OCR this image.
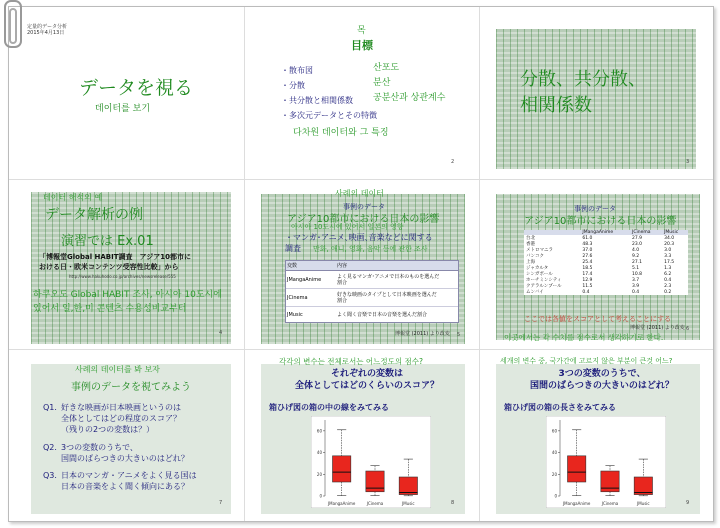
定量的データ分析
2015年4月13日
データを視る
데이터를 보기
목
目標
・散布図
・分散
・共分散と相関係数
・多次元データとその特徴
산포도
분산
공분산과 상관계수
다차원 데이터와 그 특징
2
分散、共分散、
相関係数
3
데이터 해석의 예
データ解析の例
演習では Ex.01
「博報堂Global HABIT調査　アジア10都市に
おける日・欧米コンテンツ受容性比較」から
http://www.hakuhodo.co.jp/archives/newsrelease/555
하쿠오도 Global HABIT 조사, 아시아 10도시에
있어서 일,한,미 콘텐츠 수용성비교부터
4
사례의 데이터
事例のデータ
アジア10都市における日本の影響
아시아 10도시에 있어서 일본의 영향
・マンガ･アニメ､映画､音楽などに関する
調査	만화, 애니, 영화, 음악 등에 관한 조사
変数	内容
JMangaAnime	よく見るマンガ･アニメで日本のものを選んだ
割合
JCinema	好きな映画のタイプとして日本映画を選んだ
割合
JMusic	よく聞く音楽で日本の音楽を選んだ割合
博報堂 (2011) より改変 5
事例のデータ
アジア10都市における日本の影響
	JMangaAnime	JCinema	JMusic
台北	61.0	27.9	34.0
香港	48.3	23.0	20.3
メトロマニラ	37.0	4.0	3.0
バンコク	27.6	9.2	3.3
上海	25.4	27.1	17.5
ジャカルタ	18.5	5.1	1.3
シンガポール	17.4	10.8	6.2
ホーチミンシティ	12.9	3.7	0.4
クアラルンプール	11.5	3.9	2.3
ムンバイ	0.4	0.4	0.2
ここでは各値をスコアとして考えることにする
博報堂 (2011) より改変
이곳에서는 각 수치를 점수로서 생각하기로 한다.
6
사례의 데이터를 봐 보자
事例のデータを視てみよう
Q1. 好きな映画が日本映画というのは
全体としてはどの程度のスコア？
（残りの2つの変数は？）
Q2. 3つの変数のうちで、
国間のばらつきの大きいのはどれ？
Q3. 日本のマンガ・アニメをよく見る国は
日本の音楽をよく聞く傾向にある？
7
각각의 변수는 전체로서는 어느정도의 점수?
それぞれの変数は
全体としてはどのくらいのスコア？
箱ひげ図の箱の中の線をみてみる
0
20
40
60
JMangaAnime	JCinema	JMusic	8
세개의 변수 중, 국가간에 고르지 않은 부분이 큰것 어느?
3つの変数のうちで、
国間のばらつきの大きいのはどれ？
箱ひげ図の箱の長さをみてみる
0
20
40
60
JMangaAnime	JCinema	JMusic	9
